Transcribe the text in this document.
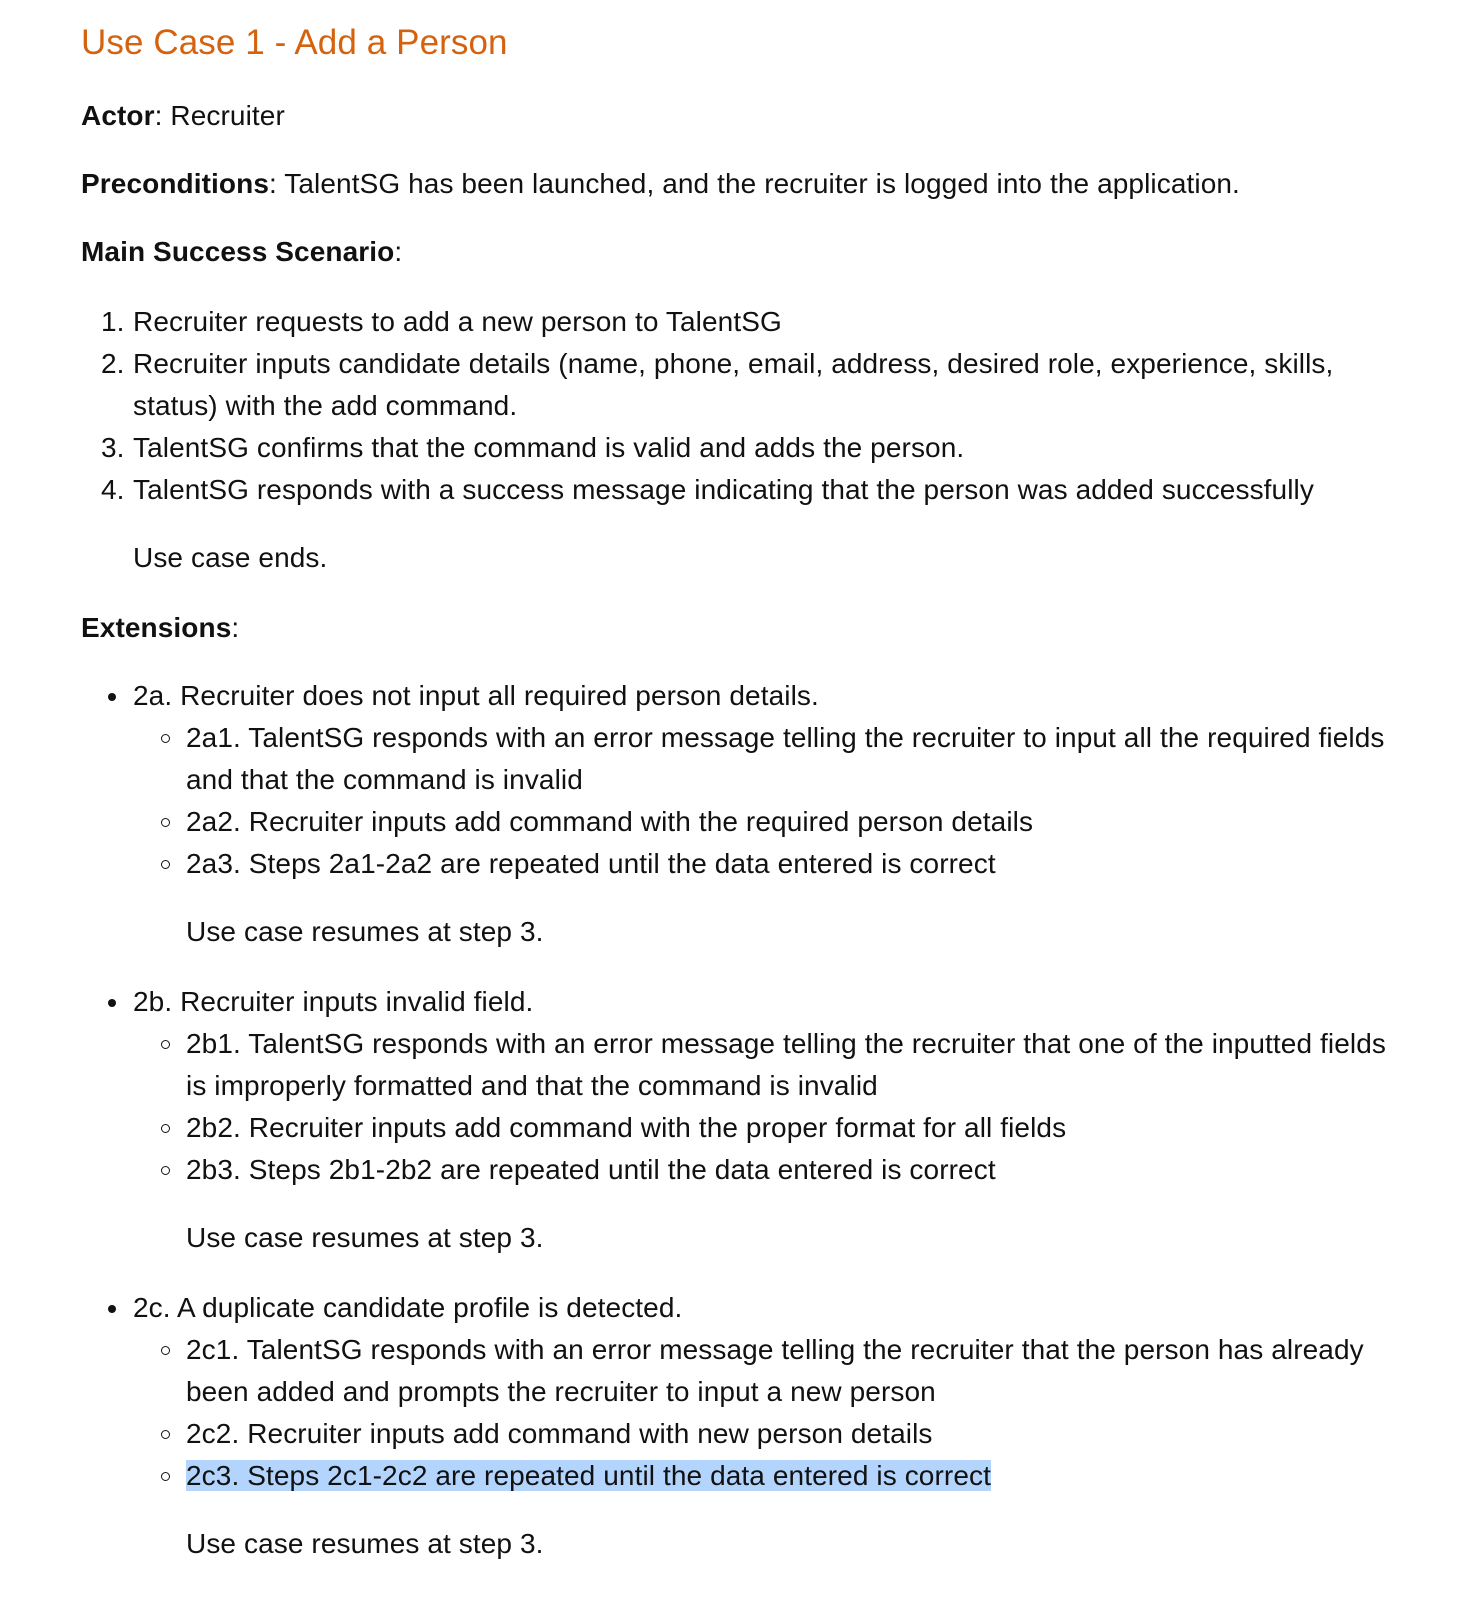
Use Case 1 - Add a Person

Actor: Recruiter

Preconditions: TalentSG has been launched, and the recruiter is logged into the application.

Main Success Scenario:

1. Recruiter requests to add a new person to TalentSG
2. Recruiter inputs candidate details (name, phone, email, address, desired role, experience, skills, status) with the add command.
3. TalentSG confirms that the command is valid and adds the person.
4. TalentSG responds with a success message indicating that the person was added successfully

Use case ends.

Extensions:

2a. Recruiter does not input all required person details.
2a1. TalentSG responds with an error message telling the recruiter to input all the required fields and that the command is invalid
2a2. Recruiter inputs add command with the required person details
2a3. Steps 2a1-2a2 are repeated until the data entered is correct

Use case resumes at step 3.

2b. Recruiter inputs invalid field.
2b1. TalentSG responds with an error message telling the recruiter that one of the inputted fields is improperly formatted and that the command is invalid
2b2. Recruiter inputs add command with the proper format for all fields
2b3. Steps 2b1-2b2 are repeated until the data entered is correct

Use case resumes at step 3.

2c. A duplicate candidate profile is detected.
2c1. TalentSG responds with an error message telling the recruiter that the person has already been added and prompts the recruiter to input a new person
2c2. Recruiter inputs add command with new person details
2c3. Steps 2c1-2c2 are repeated until the data entered is correct

Use case resumes at step 3.
